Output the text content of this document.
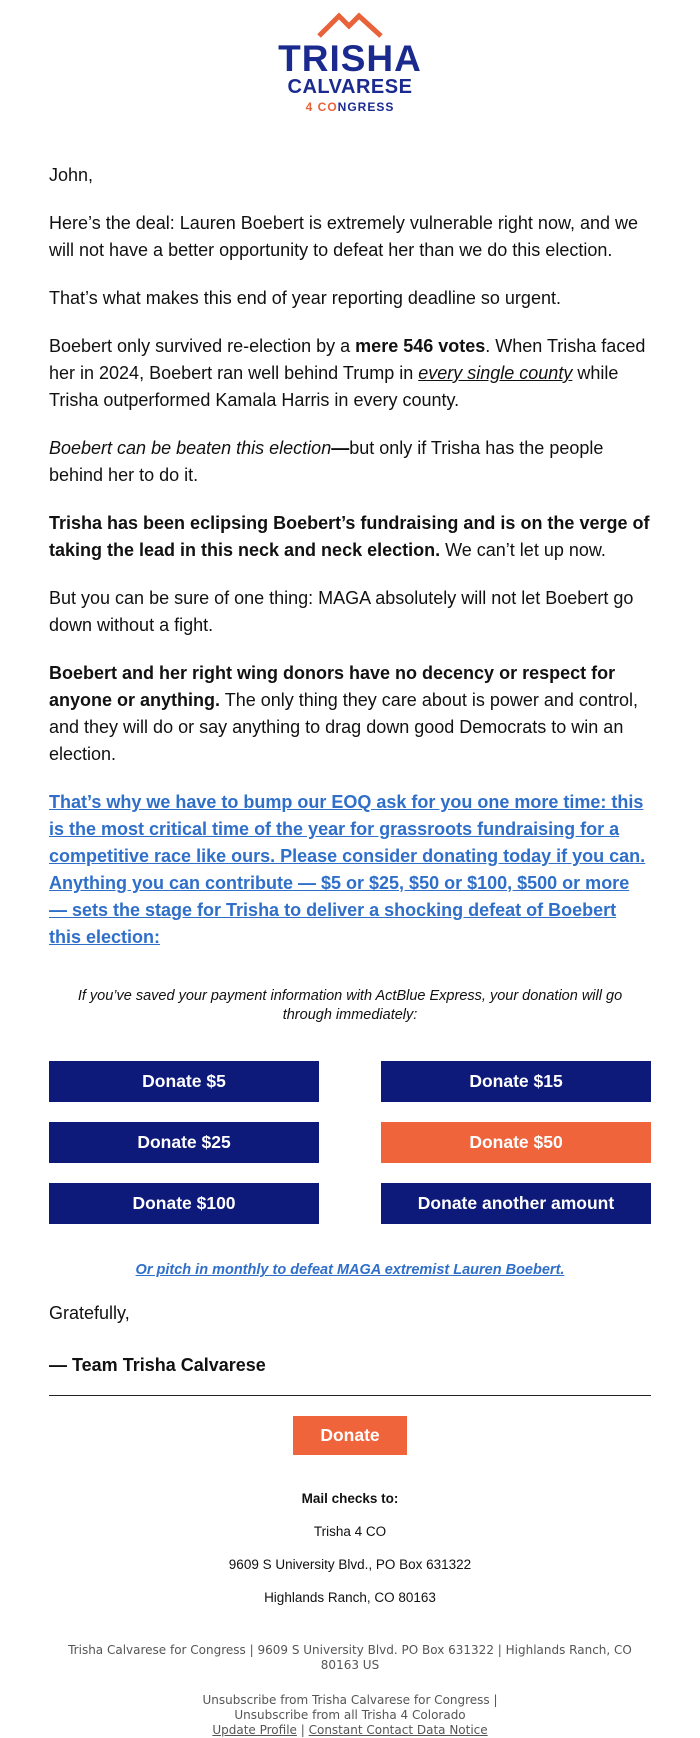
TRISHA
CALVARESE
4 CONGRESS

John,

Here’s the deal: Lauren Boebert is extremely vulnerable right now, and we will not have a better opportunity to defeat her than we do this election.

That’s what makes this end of year reporting deadline so urgent.

Boebert only survived re-election by a mere 546 votes. When Trisha faced her in 2024, Boebert ran well behind Trump in every single county while Trisha outperformed Kamala Harris in every county.

Boebert can be beaten this election—but only if Trisha has the people behind her to do it.

Trisha has been eclipsing Boebert’s fundraising and is on the verge of taking the lead in this neck and neck election. We can’t let up now.

But you can be sure of one thing: MAGA absolutely will not let Boebert go down without a fight.

Boebert and her right wing donors have no decency or respect for anyone or anything. The only thing they care about is power and control, and they will do or say anything to drag down good Democrats to win an election.

That’s why we have to bump our EOQ ask for you one more time: this is the most critical time of the year for grassroots fundraising for a competitive race like ours. Please consider donating today if you can. Anything you can contribute — $5 or $25, $50 or $100, $500 or more — sets the stage for Trisha to deliver a shocking defeat of Boebert this election:

If you’ve saved your payment information with ActBlue Express, your donation will go through immediately:
Donate $5	Donate $15
Donate $25	Donate $50
Donate $100	Donate another amount
Or pitch in monthly to defeat MAGA extremist Lauren Boebert.
Gratefully,
— Team Trisha Calvarese
Donate
Mail checks to:
Trisha 4 CO
9609 S University Blvd., PO Box 631322
Highlands Ranch, CO 80163
Trisha Calvarese for Congress | 9609 S University Blvd. PO Box 631322 | Highlands Ranch, CO 80163 US
Unsubscribe from Trisha Calvarese for Congress |
Unsubscribe from all Trisha 4 Colorado
Update Profile | Constant Contact Data Notice
